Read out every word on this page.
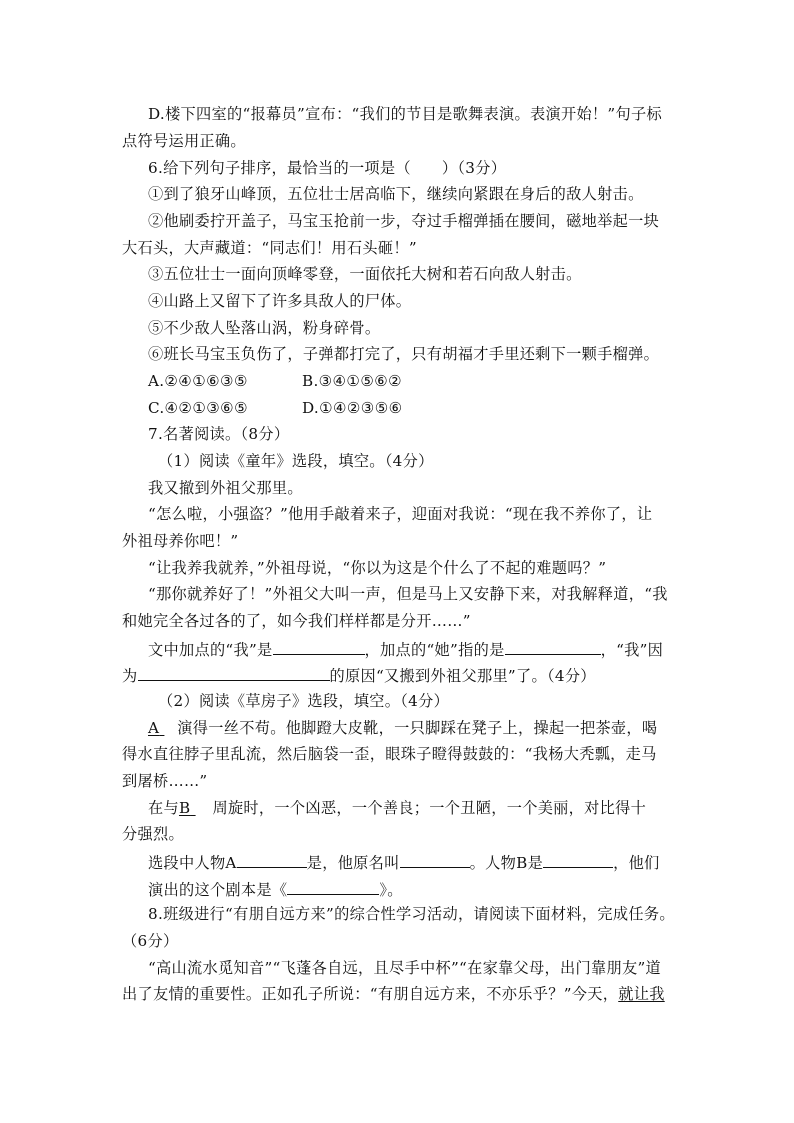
D.楼下四室的“报幕员”宣布：“我们的节目是歌舞表演。表演开始！”句子标
点符号运用正确。
6.给下列句子排序，最恰当的一项是（　　）（3分）
①到了狼牙山峰顶，五位壮士居高临下，继续向紧跟在身后的敌人射击。
②他刷委拧开盖子，马宝玉抢前一步，夺过手榴弹插在腰间，磁地举起一块
大石头，大声藏道：“同志们！用石头砸！”
③五位壮士一面向顶峰零登，一面依托大树和若石向敌人射击。
④山路上又留下了许多具敌人的尸体。
⑤不少敌人坠落山涡，粉身碎骨。
⑥班长马宝玉负伤了，子弹都打完了，只有胡福才手里还剩下一颗手榴弹。
A.②④①⑥③⑤	B.③④①⑤⑥②
C.④②①③⑥⑤	D.①④②③⑤⑥
7.名著阅读。（8分）
（1）阅读《童年》选段，填空。（4分）
我又撤到外祖父那里。
“怎么啦，小强盗？”他用手敲着来子，迎面对我说：“现在我不养你了，让
外祖母养你吧！”
“让我养我就养，”外祖母说，“你以为这是个什么了不起的难题吗？”
“那你就养好了！”外祖父大叫一声，但是马上又安静下来，对我解释道，“我
和她完全各过各的了，如今我们样样都是分开……”
文中加点的“我”是	，加点的“她”指的是	，“我”因
为	的原因“又搬到外祖父那里”了。（4分）
（2）阅读《草房子》选段，填空。（4分）
A 演得一丝不苟。他脚蹬大皮靴，一只脚踩在凳子上，操起一把茶壶，喝
得水直往脖子里乱流，然后脑袋一歪，眼珠子瞪得鼓鼓的：“我杨大秃瓢，走马
到屠桥……”
在与B 周旋时，一个凶恶，一个善良；一个丑陋，一个美丽，对比得十
分强烈。
选段中人物A	是，他原名叫	。人物B是	，他们
演出的这个剧本是《	》。
8.班级进行“有朋自远方来”的综合性学习活动，请阅读下面材料，完成任务。
（6分）
“高山流水觅知音”“飞蓬各自远，且尽手中杯”“在家靠父母，出门靠朋友”道
出了友情的重要性。正如孔子所说：“有朋自远方来，不亦乐乎？”今天，就让我
